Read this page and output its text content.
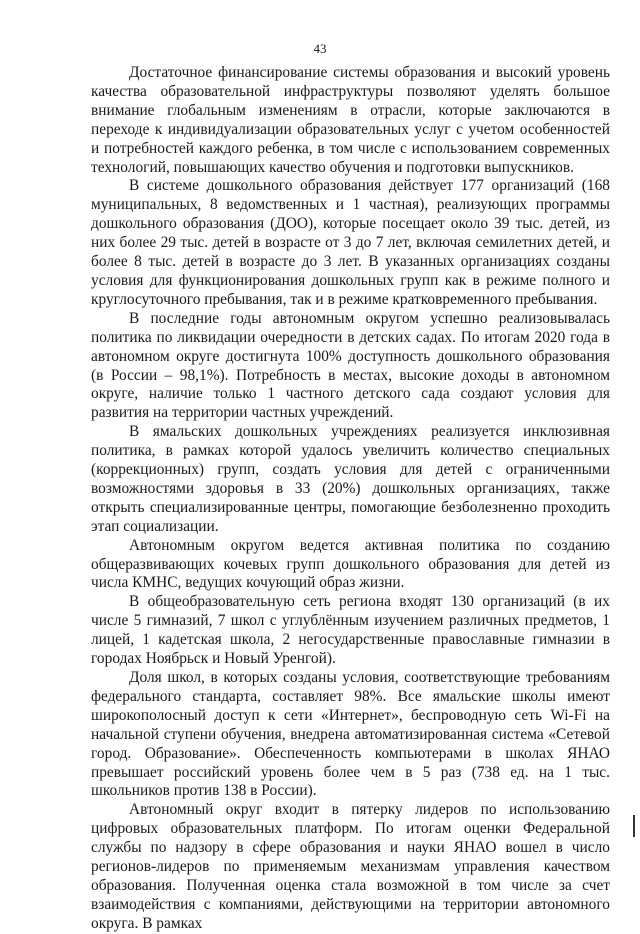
43

Достаточное финансирование системы образования и высокий уровень качества образовательной инфраструктуры позволяют уделять большое внимание глобальным изменениям в отрасли, которые заключаются в переходе к индивидуализации образовательных услуг с учетом особенностей и потребностей каждого ребенка, в том числе с использованием современных технологий, повышающих качество обучения и подготовки выпускников.

В системе дошкольного образования действует 177 организаций (168 муниципальных, 8 ведомственных и 1 частная), реализующих программы дошкольного образования (ДОО), которые посещает около 39 тыс. детей, из них более 29 тыс. детей в возрасте от 3 до 7 лет, включая семилетних детей, и более 8 тыс. детей в возрасте до 3 лет. В указанных организациях созданы условия для функционирования дошкольных групп как в режиме полного и круглосуточного пребывания, так и в режиме кратковременного пребывания.

В последние годы автономным округом успешно реализовывалась политика по ликвидации очередности в детских садах. По итогам 2020 года в автономном округе достигнута 100% доступность дошкольного образования (в России – 98,1%). Потребность в местах, высокие доходы в автономном округе, наличие только 1 частного детского сада создают условия для развития на территории частных учреждений.

В ямальских дошкольных учреждениях реализуется инклюзивная политика, в рамках которой удалось увеличить количество специальных (коррекционных) групп, создать условия для детей с ограниченными возможностями здоровья в 33 (20%) дошкольных организациях, также открыть специализированные центры, помогающие безболезненно проходить этап социализации.

Автономным округом ведется активная политика по созданию общеразвивающих кочевых групп дошкольного образования для детей из числа КМНС, ведущих кочующий образ жизни.

В общеобразовательную сеть региона входят 130 организаций (в их числе 5 гимназий, 7 школ с углублённым изучением различных предметов, 1 лицей, 1 кадетская школа, 2 негосударственные православные гимназии в городах Ноябрьск и Новый Уренгой).

Доля школ, в которых созданы условия, соответствующие требованиям федерального стандарта, составляет 98%. Все ямальские школы имеют широкополосный доступ к сети «Интернет», беспроводную сеть Wi-Fi на начальной ступени обучения, внедрена автоматизированная система «Сетевой город. Образование». Обеспеченность компьютерами в школах ЯНАО превышает российский уровень более чем в 5 раз (738 ед. на 1 тыс. школьников против 138 в России).

Автономный округ входит в пятерку лидеров по использованию цифровых образовательных платформ. По итогам оценки Федеральной службы по надзору в сфере образования и науки ЯНАО вошел в число регионов-лидеров по применяемым механизмам управления качеством образования. Полученная оценка стала возможной в том числе за счет взаимодействия с компаниями, действующими на территории автономного округа. В рамках
